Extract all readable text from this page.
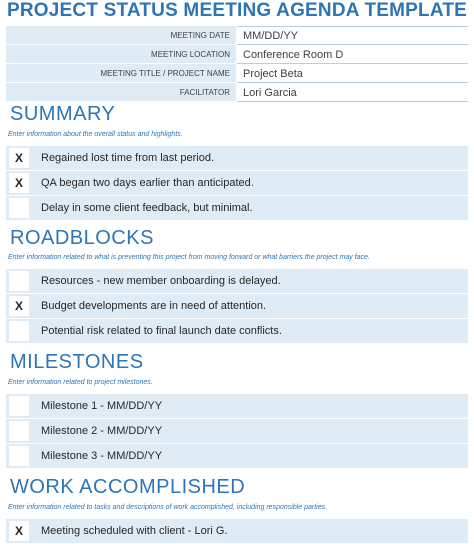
PROJECT STATUS MEETING AGENDA TEMPLATE
MEETING DATE	MM/DD/YY
MEETING LOCATION	Conference Room D
MEETING TITLE / PROJECT NAME	Project Beta
FACILITATOR	Lori Garcia
SUMMARY
Enter information about the overall status and highlights.
X	Regained lost time from last period.
X	QA began two days earlier than anticipated.
Delay in some client feedback, but minimal.
ROADBLOCKS
Enter information related to what is preventing this project from moving forward or what barriers the project may face.
Resources - new member onboarding is delayed.
X	Budget developments are in need of attention.
Potential risk related to final launch date conflicts.
MILESTONES
Enter information related to project milestones.
Milestone 1 - MM/DD/YY
Milestone 2 - MM/DD/YY
Milestone 3 - MM/DD/YY
WORK ACCOMPLISHED
Enter information related to tasks and descriptions of work accomplished, including responsible parties.
X	Meeting scheduled with client - Lori G.
